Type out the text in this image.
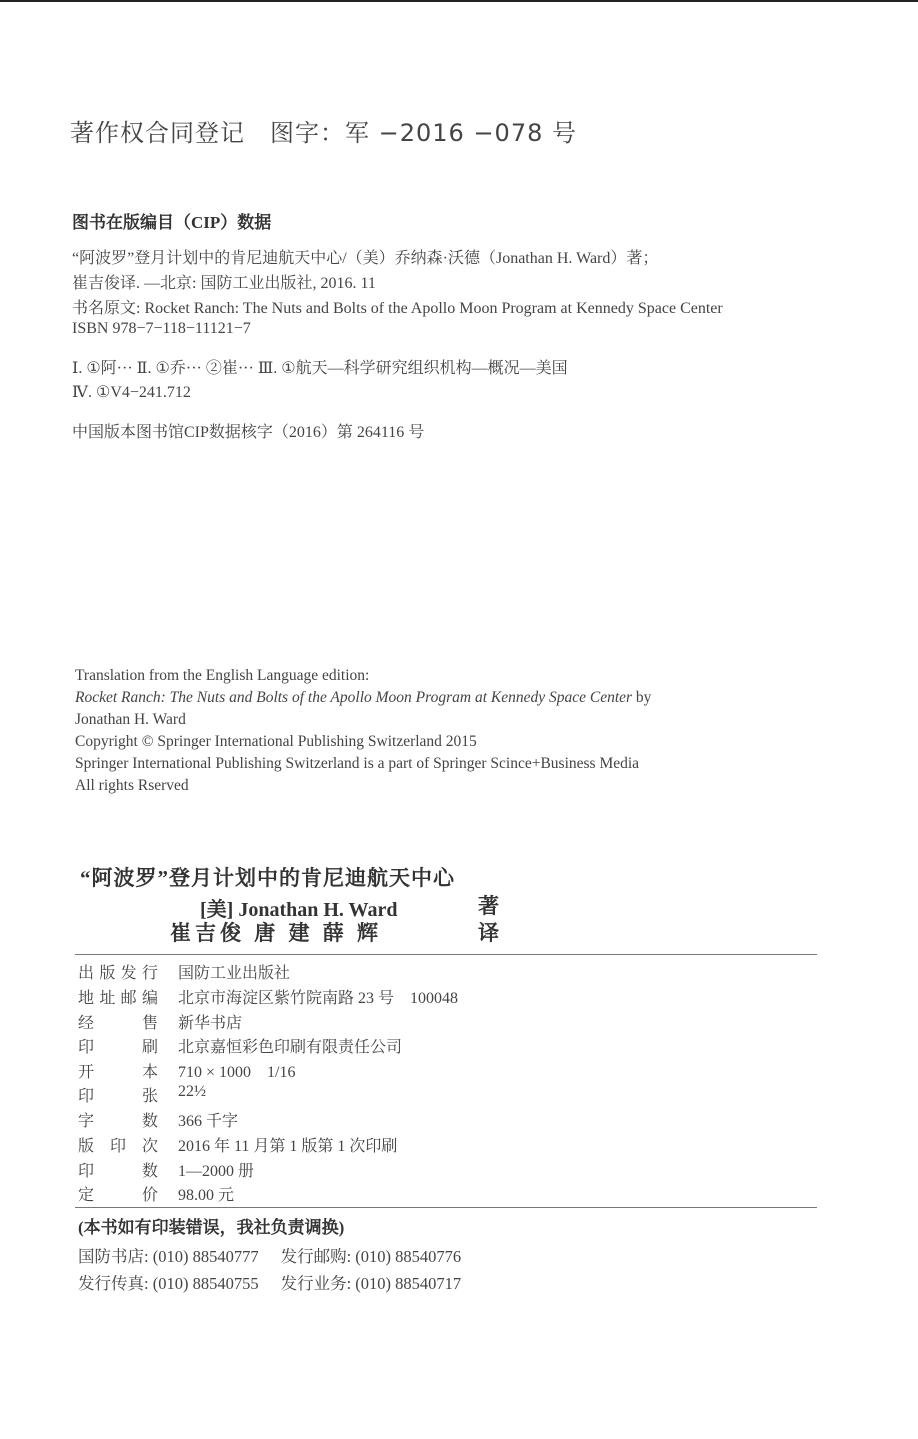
著作权合同登记　图字：军 −2016 −078 号
图书在版编目（CIP）数据
“阿波罗”登月计划中的肯尼迪航天中心/（美）乔纳森·沃德（Jonathan H. Ward）著；
崔吉俊译. —北京: 国防工业出版社, 2016. 11
书名原文: Rocket Ranch: The Nuts and Bolts of the Apollo Moon Program at Kennedy Space Center
ISBN 978−7−118−11121−7
Ⅰ. ①阿··· Ⅱ. ①乔··· ②崔··· Ⅲ. ①航天—科学研究组织机构—概况—美国
Ⅳ. ①V4−241.712
中国版本图书馆CIP数据核字（2016）第 264116 号
Translation from the English Language edition:
Rocket Ranch: The Nuts and Bolts of the Apollo Moon Program at Kennedy Space Center by
Jonathan H. Ward
Copyright © Springer International Publishing Switzerland 2015
Springer International Publishing Switzerland is a part of Springer Scince+Business Media
All rights Rserved
“阿波罗”登月计划中的肯尼迪航天中心
[美] Jonathan H. Ward	著
崔吉俊 唐 建 薛 辉	译
出版发行 国防工业出版社
地址邮编 北京市海淀区紫竹院南路 23 号　100048
经售 新华书店
印刷 北京嘉恒彩色印刷有限责任公司
开本 710 × 1000　1/16
印张 22½
字数 366 千字
版印次 2016 年 11 月第 1 版第 1 次印刷
印数 1—2000 册
定价 98.00 元
(本书如有印装错误，我社负责调换)
国防书店: (010) 88540777 发行邮购: (010) 88540776
发行传真: (010) 88540755 发行业务: (010) 88540717
